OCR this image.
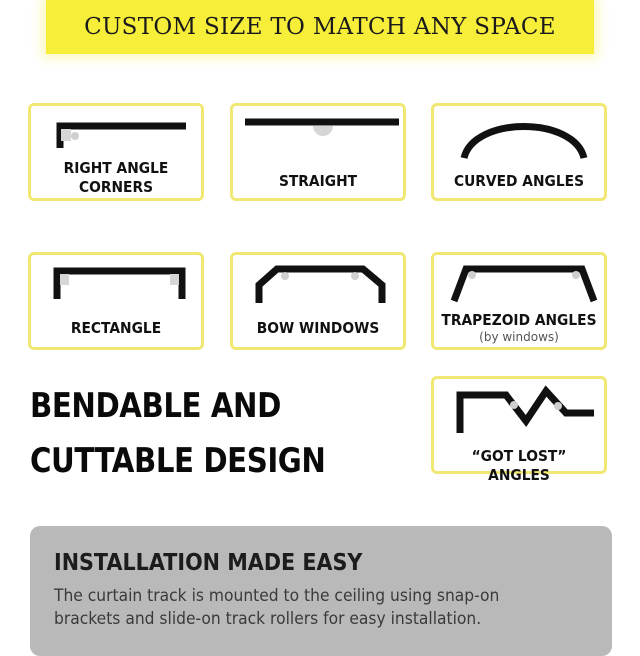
CUSTOM SIZE TO MATCH ANY SPACE
RIGHT ANGLE
CORNERS	STRAIGHT	CURVED ANGLES
RECTANGLE	BOW WINDOWS	TRAPEZOID ANGLES
(by windows)
BENDABLE AND
CUTTABLE DESIGN	“GOT LOST” ANGLES
INSTALLATION MADE EASY
The curtain track is mounted to the ceiling using snap-on brackets and slide-on track rollers for easy installation.
